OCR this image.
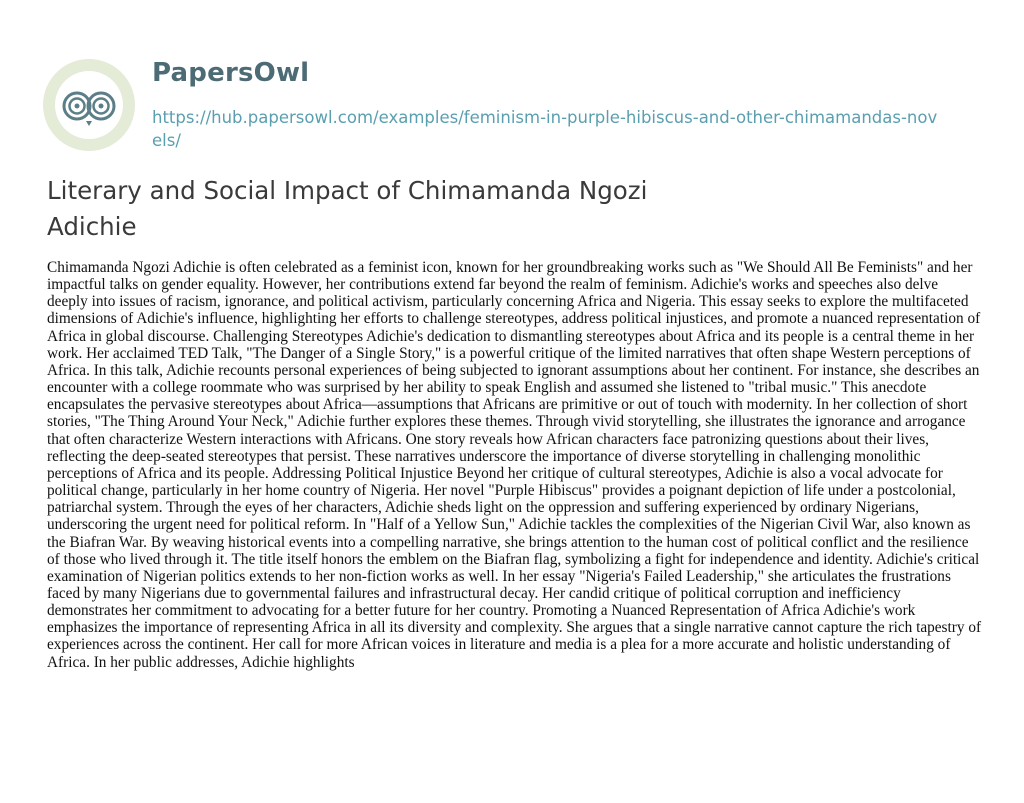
PapersOwl
https://hub.papersowl.com/examples/feminism-in-purple-hibiscus-and-other-chimamandas-novels/
Literary and Social Impact of Chimamanda Ngozi Adichie

Chimamanda Ngozi Adichie is often celebrated as a feminist icon, known for her groundbreaking works such as "We Should All Be Feminists" and her impactful talks on gender equality. However, her contributions extend far beyond the realm of feminism. Adichie's works and speeches also delve deeply into issues of racism, ignorance, and political activism, particularly concerning Africa and Nigeria. This essay seeks to explore the multifaceted dimensions of Adichie's influence, highlighting her efforts to challenge stereotypes, address political injustices, and promote a nuanced representation of Africa in global discourse. Challenging Stereotypes Adichie's dedication to dismantling stereotypes about Africa and its people is a central theme in her work. Her acclaimed TED Talk, "The Danger of a Single Story," is a powerful critique of the limited narratives that often shape Western perceptions of Africa. In this talk, Adichie recounts personal experiences of being subjected to ignorant assumptions about her continent. For instance, she describes an encounter with a college roommate who was surprised by her ability to speak English and assumed she listened to "tribal music." This anecdote encapsulates the pervasive stereotypes about Africa—assumptions that Africans are primitive or out of touch with modernity. In her collection of short stories, "The Thing Around Your Neck," Adichie further explores these themes. Through vivid storytelling, she illustrates the ignorance and arrogance that often characterize Western interactions with Africans. One story reveals how African characters face patronizing questions about their lives, reflecting the deep-seated stereotypes that persist. These narratives underscore the importance of diverse storytelling in challenging monolithic perceptions of Africa and its people. Addressing Political Injustice Beyond her critique of cultural stereotypes, Adichie is also a vocal advocate for political change, particularly in her home country of Nigeria. Her novel "Purple Hibiscus" provides a poignant depiction of life under a postcolonial, patriarchal system. Through the eyes of her characters, Adichie sheds light on the oppression and suffering experienced by ordinary Nigerians, underscoring the urgent need for political reform. In "Half of a Yellow Sun," Adichie tackles the complexities of the Nigerian Civil War, also known as the Biafran War. By weaving historical events into a compelling narrative, she brings attention to the human cost of political conflict and the resilience of those who lived through it. The title itself honors the emblem on the Biafran flag, symbolizing a fight for independence and identity. Adichie's critical examination of Nigerian politics extends to her non-fiction works as well. In her essay "Nigeria's Failed Leadership," she articulates the frustrations faced by many Nigerians due to governmental failures and infrastructural decay. Her candid critique of political corruption and inefficiency demonstrates her commitment to advocating for a better future for her country. Promoting a Nuanced Representation of Africa Adichie's work emphasizes the importance of representing Africa in all its diversity and complexity. She argues that a single narrative cannot capture the rich tapestry of experiences across the continent. Her call for more African voices in literature and media is a plea for a more accurate and holistic understanding of Africa. In her public addresses, Adichie highlights
